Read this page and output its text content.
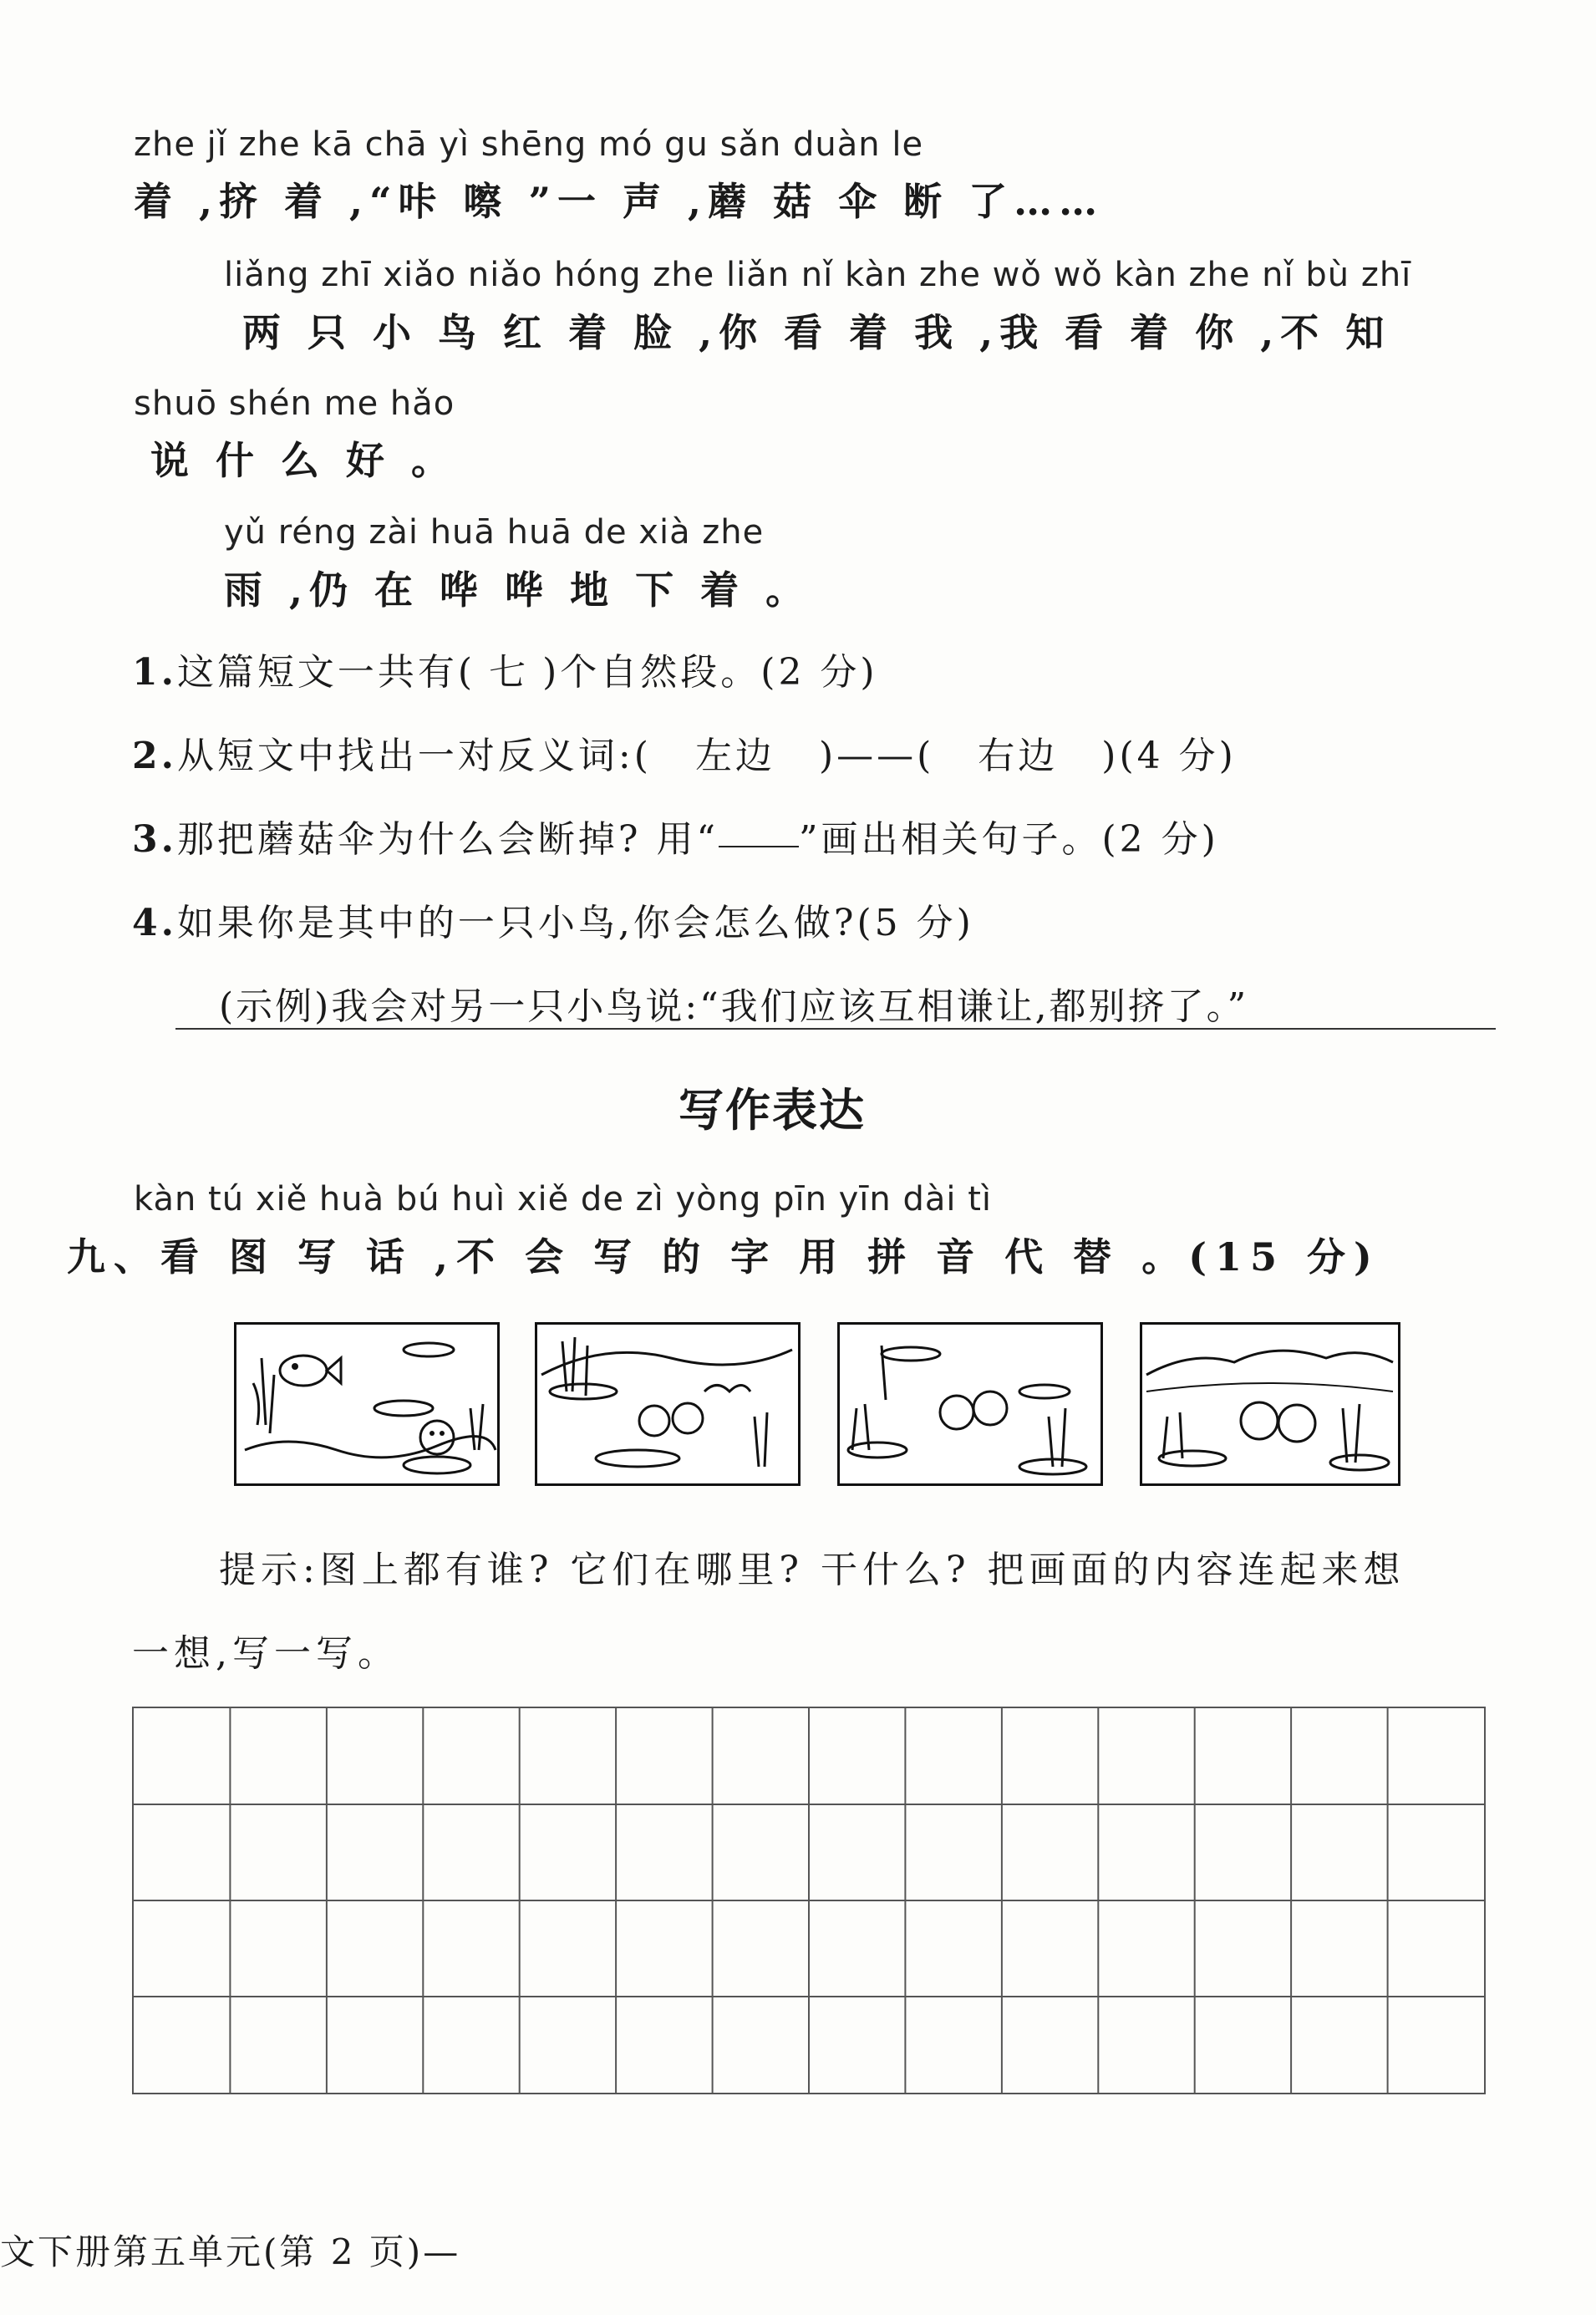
zhe jǐ zhe kā chā yì shēng mó gu sǎn duàn le
着 ,挤 着 ,“咔 嚓 ”一 声 ,蘑 菇 伞 断 了……
liǎng zhī xiǎo niǎo hóng zhe liǎn nǐ kàn zhe wǒ wǒ kàn zhe nǐ bù zhī
两 只 小 鸟 红 着 脸 ,你 看 着 我 ,我 看 着 你 ,不 知
shuō shén me hǎo
说 什 么 好 。
yǔ réng zài huā huā de xià zhe
雨 ,仍 在 哗 哗 地 下 着 。
1.这篇短文一共有( 七 )个自然段。(2 分)
2.从短文中找出一对反义词:( 左边 )——( 右边 )(4 分)
3.那把蘑菇伞为什么会断掉? 用“ ”画出相关句子。(2 分)
4.如果你是其中的一只小鸟,你会怎么做?(5 分)
(示例)我会对另一只小鸟说:“我们应该互相谦让,都别挤了。”
写作表达
kàn tú xiě huà bú huì xiě de zì yòng pīn yīn dài tì
九、看 图 写 话 ,不 会 写 的 字 用 拼 音 代 替 。(15 分)
提示:图上都有谁? 它们在哪里? 干什么? 把画面的内容连起来想
一想,写一写。
文下册第五单元(第 2 页)—
